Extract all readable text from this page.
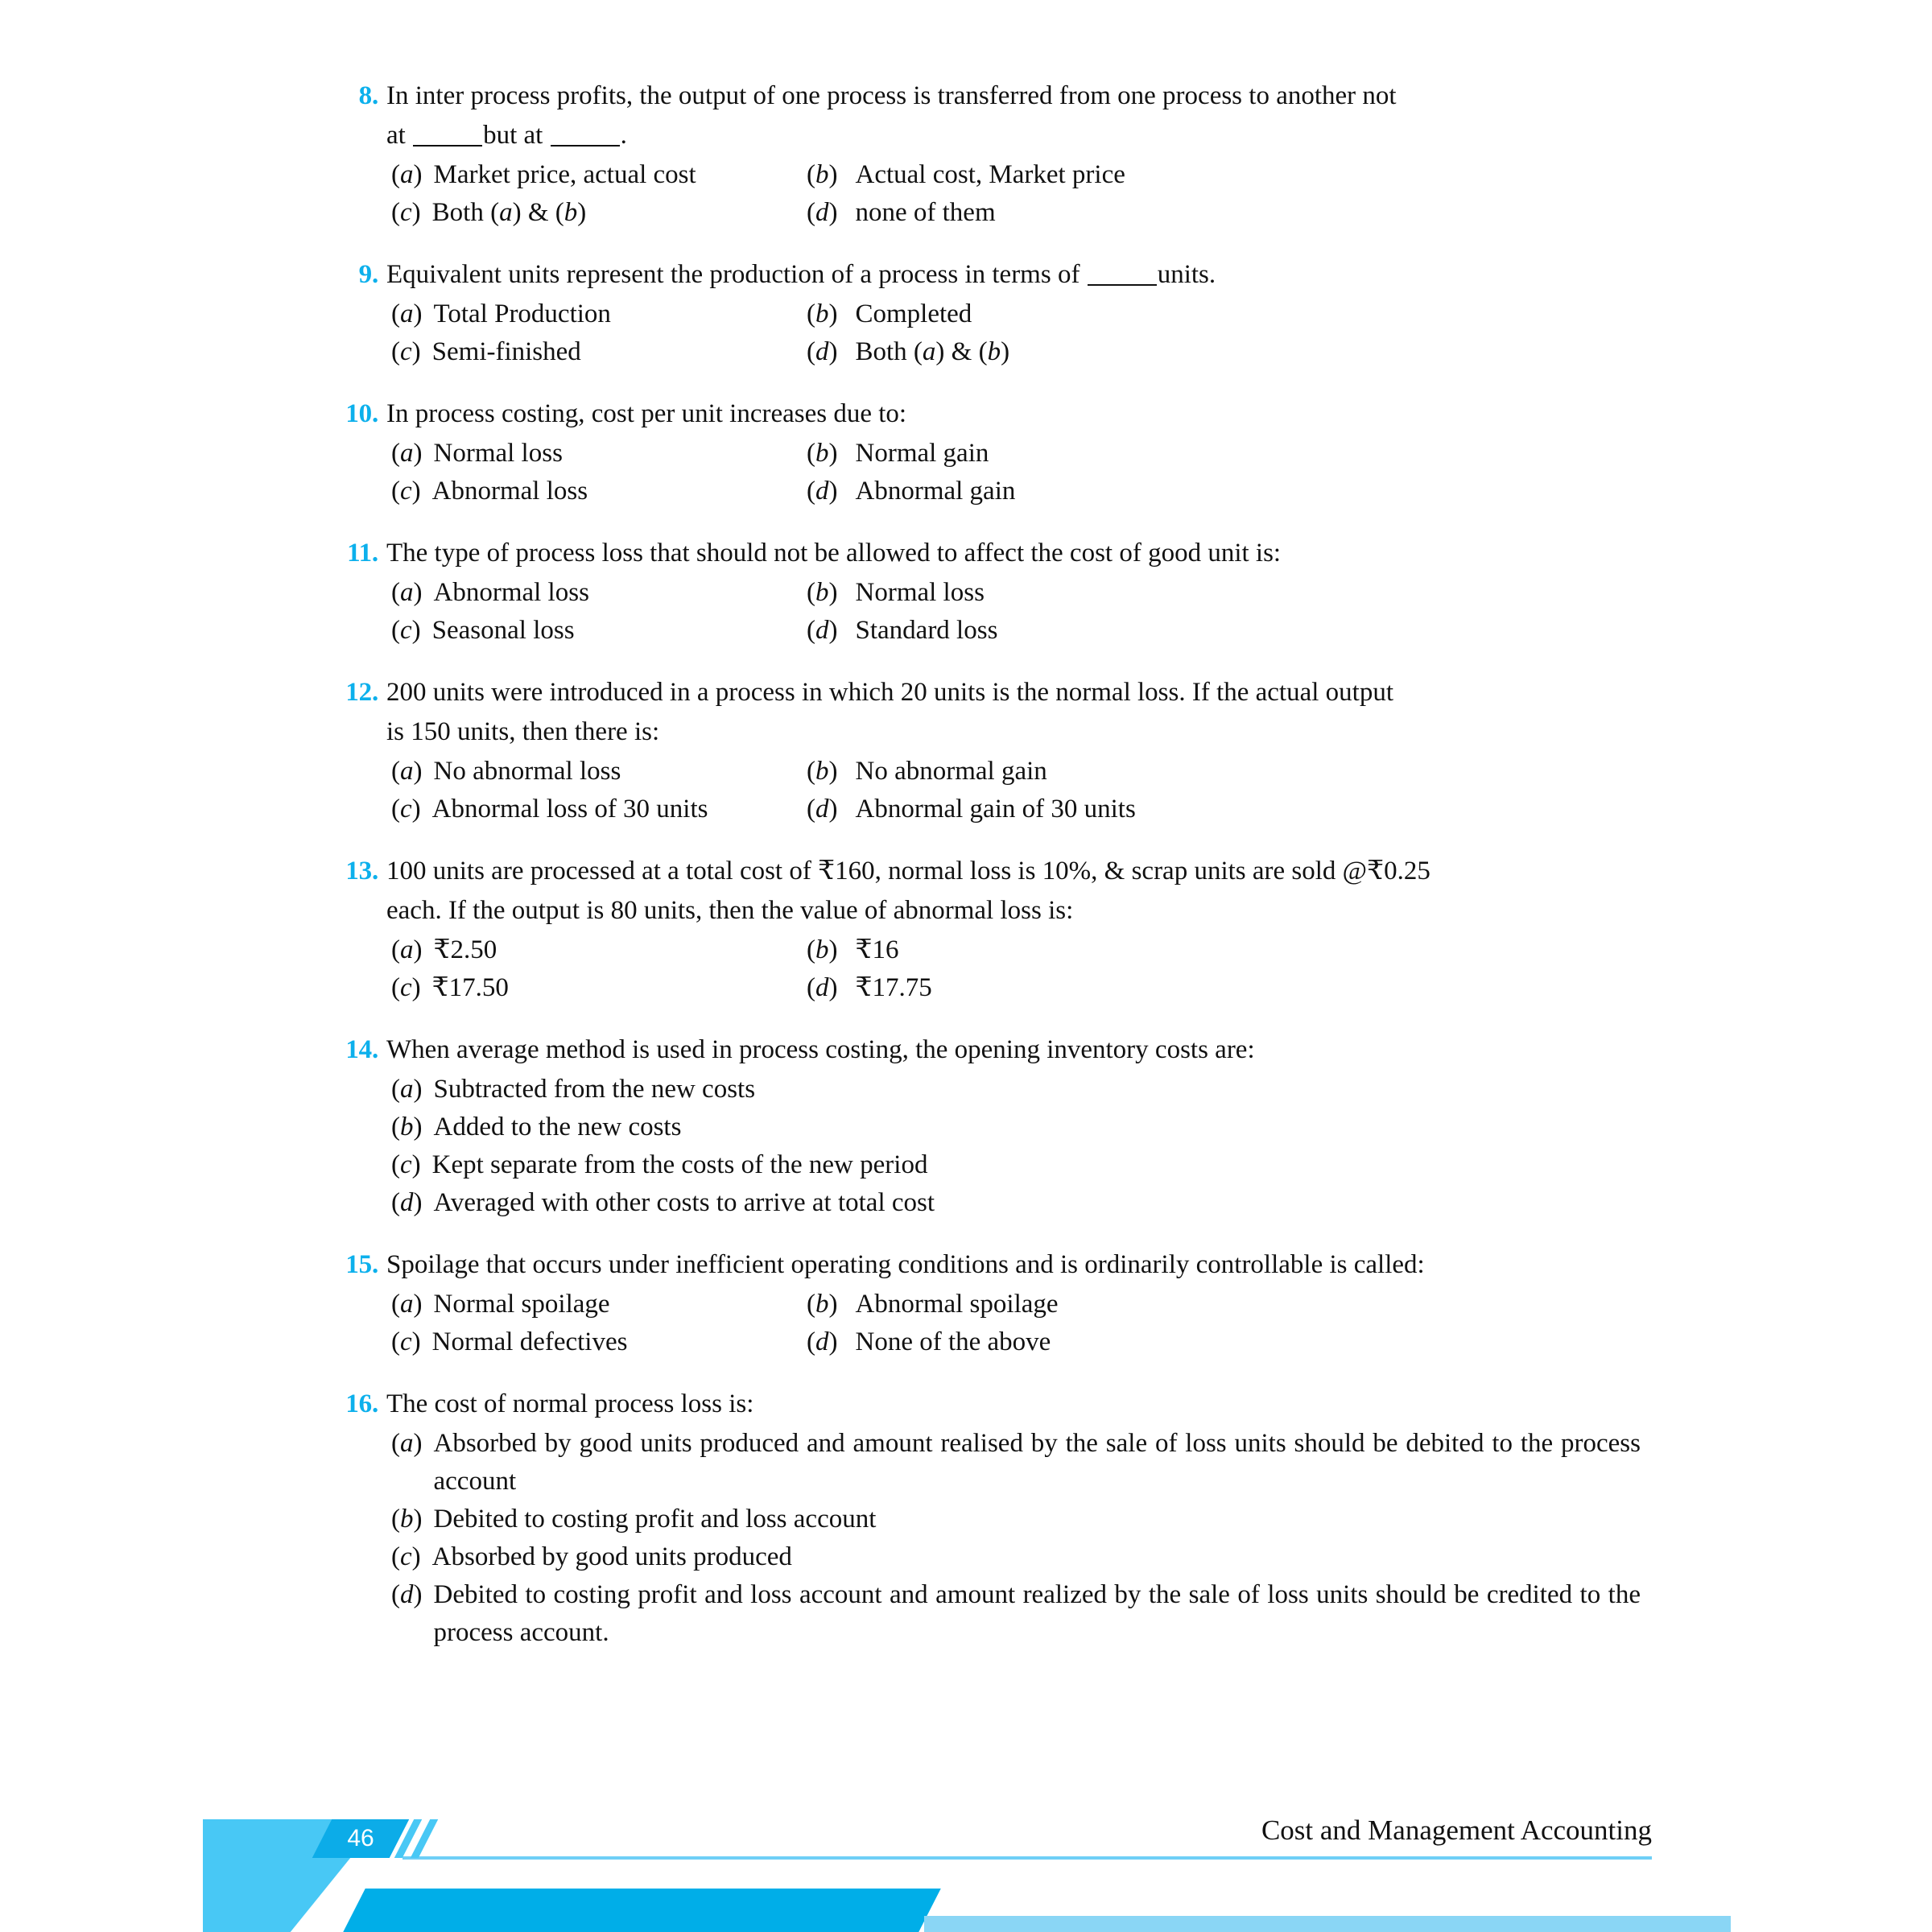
8. In inter process profits, the output of one process is transferred from one process to another not
at	but at	.
(a) Market price, actual cost	(b) Actual cost, Market price
(c) Both (a) & (b)	(d) none of them
9. Equivalent units represent the production of a process in terms of	units.
(a) Total Production	(b) Completed
(c) Semi-finished	(d) Both (a) & (b)
10. In process costing, cost per unit increases due to:
(a) Normal loss	(b) Normal gain
(c) Abnormal loss	(d) Abnormal gain
11. The type of process loss that should not be allowed to affect the cost of good unit is:
(a) Abnormal loss	(b) Normal loss
(c) Seasonal loss	(d) Standard loss
12. 200 units were introduced in a process in which 20 units is the normal loss. If the actual output
is 150 units, then there is:
(a) No abnormal loss	(b) No abnormal gain
(c) Abnormal loss of 30 units	(d) Abnormal gain of 30 units
13. 100 units are processed at a total cost of ₹160, normal loss is 10%, & scrap units are sold @₹0.25
each. If the output is 80 units, then the value of abnormal loss is:
(a) ₹2.50	(b) ₹16
(c) ₹17.50	(d) ₹17.75
14. When average method is used in process costing, the opening inventory costs are:
(a) Subtracted from the new costs
(b) Added to the new costs
(c) Kept separate from the costs of the new period
(d) Averaged with other costs to arrive at total cost
15. Spoilage that occurs under inefficient operating conditions and is ordinarily controllable is called:
(a) Normal spoilage	(b) Abnormal spoilage
(c) Normal defectives	(d) None of the above
16. The cost of normal process loss is:
(a) Absorbed by good units produced and amount realised by the sale of loss units should be debited to the process account
(b) Debited to costing profit and loss account
(c) Absorbed by good units produced
(d) Debited to costing profit and loss account and amount realized by the sale of loss units should be credited to the process account.
Cost and Management Accounting
46
